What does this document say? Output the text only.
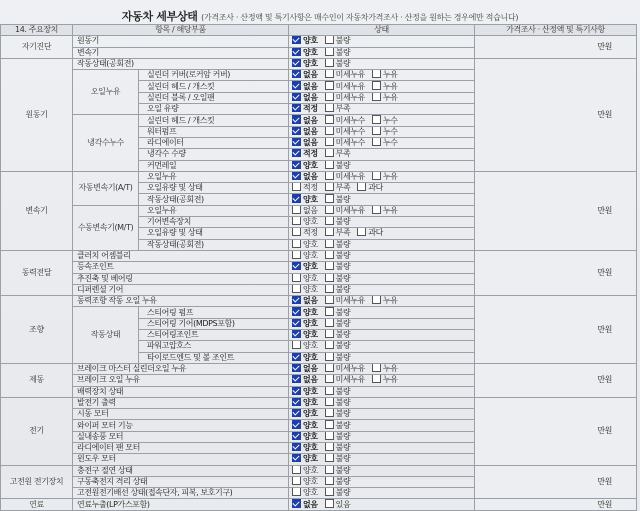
자동차 세부상태 (가격조사 · 산정액 및 특기사항은 매수인이 자동차가격조사 · 산정을 원하는 경우에만 적습니다)
14. 주요장치	항목 / 해당부품		상태	가격조사 · 산정액 및 특기사항
자기진단	원동기		양호 불량	만원
	변속기		양호 불량	
원동기	작동상태(공회전)		양호 불량	만원
	오일누유	실린더 커버(로커암 커버)	없음 미세누유 누유	
		실린더 헤드 / 개스킷	없음 미세누유 누유	
		실린더 블록 / 오일팬	없음 미세누유 누유	
		오일 유량	적정 부족	
	냉각수누수	실린더 헤드 / 개스킷	없음 미세누수 누수	
		워터펌프	없음 미세누수 누수	
		라디에이터	없음 미세누수 누수	
		냉각수 수량	적정 부족	
		커먼레일	양호 불량	
변속기	자동변속기(A/T)	오일누유	없음 미세누유 누유	만원
		오일유량 및 상태	적정 부족 과다	
		작동상태(공회전)	양호 불량	
	수동변속기(M/T)	오일누유	없음 미세누유 누유	
		기어변속장치	양호 불량	
		오일유량 및 상태	적정 부족 과다	
		작동상태(공회전)	양호 불량	
동력전달	클러치 어셈블리		양호 불량	만원
	등속조인트		양호 불량	
	추진축 및 베어링		양호 불량	
	디퍼렌셜 기어		양호 불량	
조향	동력조향 작동 오일 누유		없음 미세누유 누유	만원
	작동상태	스티어링 펌프	양호 불량	
		스티어링 기어(MDPS포함)	양호 불량	
		스티어링조인트	양호 불량	
		파워고압호스	양호 불량	
		타이로드엔드 및 볼 조인트	양호 불량	
제동	브레이크 마스터 실린더오일 누유		없음 미세누유 누유	만원
	브레이크 오일 누유		없음 미세누유 누유	
	배력장치 상태		양호 불량	
전기	발전기 출력		양호 불량	만원
	시동 모터		양호 불량	
	와이퍼 모터 기능		양호 불량	
	실내송풍 모터		양호 불량	
	라디에이터 팬 모터		양호 불량	
	윈도우 모터		양호 불량	
고전원 전기장치	충전구 절연 상태		양호 불량	만원
	구동축전지 격리 상태		양호 불량	
	고전원전기배선 상태(접속단자, 피복, 보호기구)		양호 불량	
연료	연료누출(LP가스포함)		없음 있음	만원
